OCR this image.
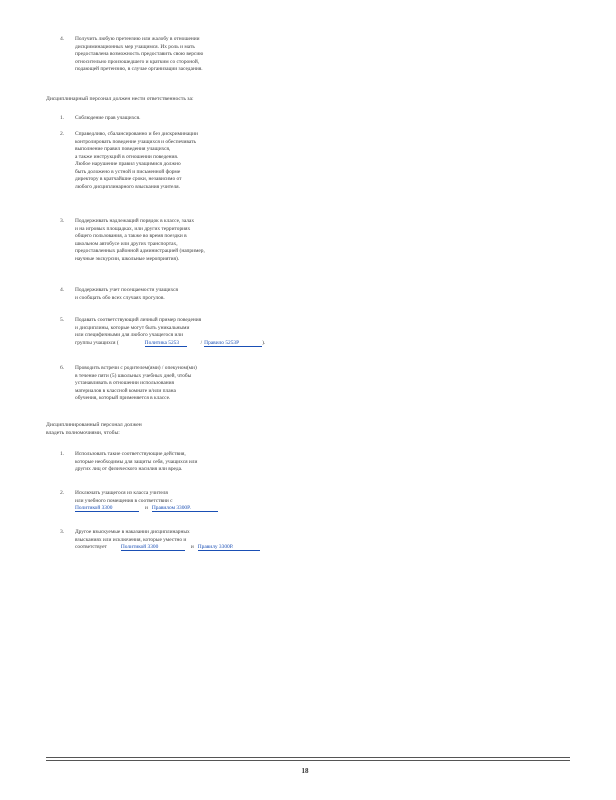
4.	Получить любую претензию или жалобу в отношении
дискриминационных мер учащимся. Их роль и мать
предоставлена возможность предоставить свою версию
относительно произошедшего и кратким со стороной,
подающей претензию, в случае организации заседания.
Дисциплинарный персонал должен нести ответственность за:
1.	Соблюдение прав учащихся.
2.	Справедливо, сбалансированно и без дискриминации
контролировать поведение учащихся и обеспечивать
выполнение правил поведения учащихся,
а также инструкций в отношении поведения.
Любое нарушение правил учащимися должно
быть доложено в устной и письменной форме
директору в кратчайшие сроки, независимо от
любого дисциплинарного взыскания учителя.
3.	Поддерживать надлежащий порядок в классе, залах
и на игровых площадках, или других территориях
общего пользования, а также во время поездки в
школьном автобусе или других транспортах,
предоставленных районной администрацией (например,
научные экскурсии, школьные мероприятия).
4.	Поддерживать учет посещаемости учащихся
и сообщать обо всех случаях прогулов.
5.	Подавать соответствующий личный пример поведения
и дисциплины, которые могут быть уникальными
или специфичными для любого учащегося или
группы учащихся (	Политика 5253	/ Правило 5253Р	).
6.	Проводить встречи с родителем(ями) / опекуном(ми)
в течение пяти (5) школьных учебных дней, чтобы
устанавливать в отношении использования
материалов в классной комнате и/или плана
обучения, который применяется в классе.
Дисциплинированный персонал должен
владеть полномочиями, чтобы:
1.	Использовать такие соответствующие действия,
которые необходимы для защиты себя, учащихся или
других лиц от физического насилия или вреда.
2.	Исключать учащегося из класса учителя
или учебного помещения в соответствии с
Политикой 3300	и Правилом 3300Р.
3.	Другое взыскуемые в наказании дисциплинарных
взысканиях или исключения, которые уместно и
соответствует	Политикой 3300	и Правилу 3300Р.
18
